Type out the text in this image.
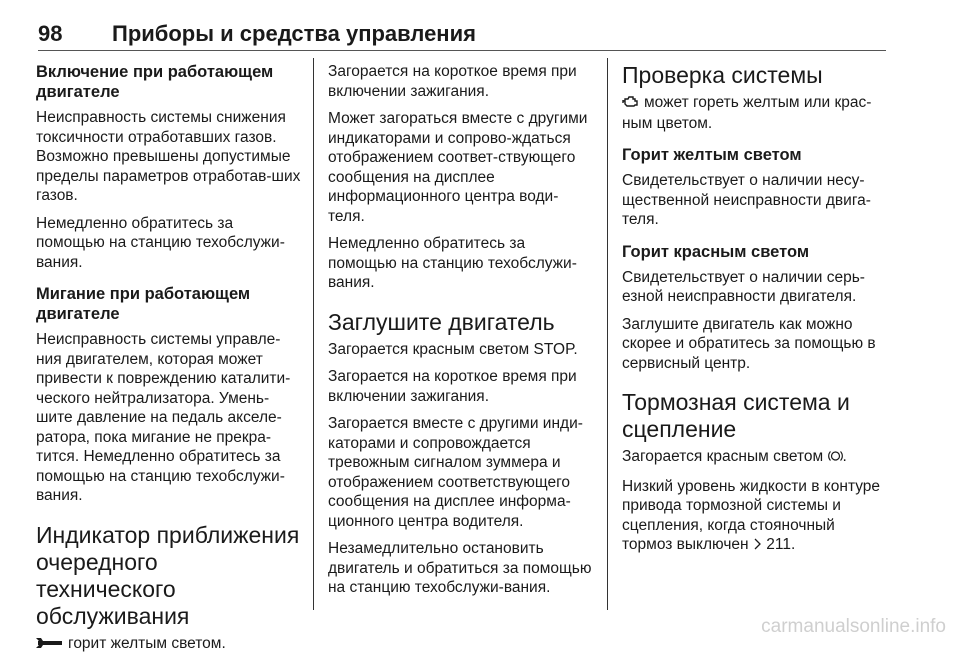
98	Приборы и средства управления
Включение при работающем двигателе

Неисправность системы снижения токсичности отработавших газов. Возможно превышены допустимые пределы параметров отработав-ших газов.

Немедленно обратитесь за помощью на станцию техобслужи-вания.

Мигание при работающем двигателе

Неисправность системы управле-ния двигателем, которая может привести к повреждению каталити-ческого нейтрализатора. Умень-шите давление на педаль акселе-ратора, пока мигание не прекра-тится. Немедленно обратитесь за помощью на станцию техобслужи-вания.

Индикатор приближения очередного технического обслуживания

горит желтым светом.

Загорается на короткое время при включении зажигания.

Может загораться вместе с другими индикаторами и сопрово-ждаться отображением соответ-ствующего сообщения на дисплее информационного центра води-теля.

Немедленно обратитесь за помощью на станцию техобслужи-вания.

Заглушите двигатель

Загорается красным светом STOP.

Загорается на короткое время при включении зажигания.

Загорается вместе с другими инди-каторами и сопровождается тревожным сигналом зуммера и отображением соответствующего сообщения на дисплее информа-ционного центра водителя.

Незамедлительно остановить двигатель и обратиться за помощью на станцию техобслужи-вания.

Проверка системы

может гореть желтым или крас-ным цветом.

Горит желтым светом

Свидетельствует о наличии несу-щественной неисправности двига-теля.

Горит красным светом

Свидетельствует о наличии серь-езной неисправности двигателя.

Заглушите двигатель как можно скорее и обратитесь за помощью в сервисный центр.

Тормозная система и сцепление

Загорается красным светом .

Низкий уровень жидкости в контуре привода тормозной системы и сцепления, когда стояночный тормоз выключен 211.

carmanualsonline.info
